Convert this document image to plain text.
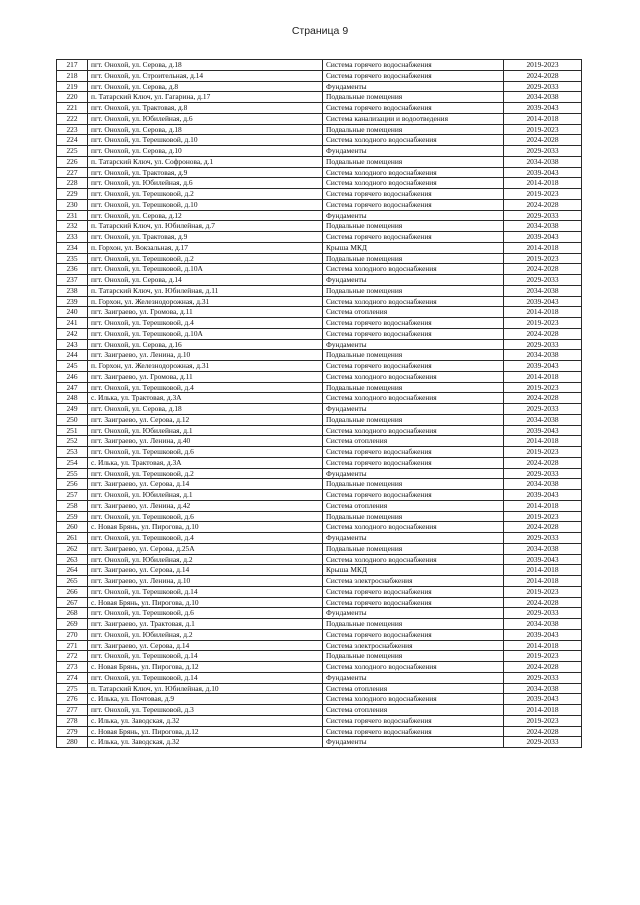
Страница 9
217	пгт. Онохой, ул. Серова, д.18	Система горячего водоснабжения	2019-2023
218	пгт. Онохой, ул. Строительная, д.14	Система горячего водоснабжения	2024-2028
219	пгт. Онохой, ул. Серова, д.8	Фундаменты	2029-2033
220	п. Татарский Ключ, ул. Гагарина, д.17	Подвальные помещения	2034-2038
221	пгт. Онохой, ул. Трактовая, д.8	Система горячего водоснабжения	2039-2043
222	пгт. Онохой, ул. Юбилейная, д.6	Система канализации и водоотведения	2014-2018
223	пгт. Онохой, ул. Серова, д.18	Подвальные помещения	2019-2023
224	пгт. Онохой, ул. Терешковой, д.10	Система холодного водоснабжения	2024-2028
225	пгт. Онохой, ул. Серова, д.10	Фундаменты	2029-2033
226	п. Татарский Ключ, ул. Софронова, д.1	Подвальные помещения	2034-2038
227	пгт. Онохой, ул. Трактовая, д.9	Система холодного водоснабжения	2039-2043
228	пгт. Онохой, ул. Юбилейная, д.6	Система холодного водоснабжения	2014-2018
229	пгт. Онохой, ул. Терешковой, д.2	Система горячего водоснабжения	2019-2023
230	пгт. Онохой, ул. Терешковой, д.10	Система горячего водоснабжения	2024-2028
231	пгт. Онохой, ул. Серова, д.12	Фундаменты	2029-2033
232	п. Татарский Ключ, ул. Юбилейная, д.7	Подвальные помещения	2034-2038
233	пгт. Онохой, ул. Трактовая, д.9	Система горячего водоснабжения	2039-2043
234	п. Горхон, ул. Вокзальная, д.17	Крыша МКД	2014-2018
235	пгт. Онохой, ул. Терешковой, д.2	Подвальные помещения	2019-2023
236	пгт. Онохой, ул. Терешковой, д.10А	Система холодного водоснабжения	2024-2028
237	пгт. Онохой, ул. Серова, д.14	Фундаменты	2029-2033
238	п. Татарский Ключ, ул. Юбилейная, д.11	Подвальные помещения	2034-2038
239	п. Горхон, ул. Железнодорожная, д.31	Система холодного водоснабжения	2039-2043
240	пгт. Заиграево, ул. Громова, д.11	Система отопления	2014-2018
241	пгт. Онохой, ул. Терешковой, д.4	Система горячего водоснабжения	2019-2023
242	пгт. Онохой, ул. Терешковой, д.10А	Система горячего водоснабжения	2024-2028
243	пгт. Онохой, ул. Серова, д.16	Фундаменты	2029-2033
244	пгт. Заиграево, ул. Ленина, д.10	Подвальные помещения	2034-2038
245	п. Горхон, ул. Железнодорожная, д.31	Система горячего водоснабжения	2039-2043
246	пгт. Заиграево, ул. Громова, д.11	Система холодного водоснабжения	2014-2018
247	пгт. Онохой, ул. Терешковой, д.4	Подвальные помещения	2019-2023
248	с. Илька, ул. Трактовая, д.3А	Система холодного водоснабжения	2024-2028
249	пгт. Онохой, ул. Серова, д.18	Фундаменты	2029-2033
250	пгт. Заиграево, ул. Серова, д.12	Подвальные помещения	2034-2038
251	пгт. Онохой, ул. Юбилейная, д.1	Система холодного водоснабжения	2039-2043
252	пгт. Заиграево, ул. Ленина, д.40	Система отопления	2014-2018
253	пгт. Онохой, ул. Терешковой, д.6	Система горячего водоснабжения	2019-2023
254	с. Илька, ул. Трактовая, д.3А	Система горячего водоснабжения	2024-2028
255	пгт. Онохой, ул. Терешковой, д.2	Фундаменты	2029-2033
256	пгт. Заиграево, ул. Серова, д.14	Подвальные помещения	2034-2038
257	пгт. Онохой, ул. Юбилейная, д.1	Система горячего водоснабжения	2039-2043
258	пгт. Заиграево, ул. Ленина, д.42	Система отопления	2014-2018
259	пгт. Онохой, ул. Терешковой, д.6	Подвальные помещения	2019-2023
260	с. Новая Брянь, ул. Пирогова, д.10	Система холодного водоснабжения	2024-2028
261	пгт. Онохой, ул. Терешковой, д.4	Фундаменты	2029-2033
262	пгт. Заиграево, ул. Серова, д.25А	Подвальные помещения	2034-2038
263	пгт. Онохой, ул. Юбилейная, д.2	Система холодного водоснабжения	2039-2043
264	пгт. Заиграево, ул. Серова, д.14	Крыша МКД	2014-2018
265	пгт. Заиграево, ул. Ленина, д.10	Система электроснабжения	2014-2018
266	пгт. Онохой, ул. Терешковой, д.14	Система горячего водоснабжения	2019-2023
267	с. Новая Брянь, ул. Пирогова, д.10	Система горячего водоснабжения	2024-2028
268	пгт. Онохой, ул. Терешковой, д.6	Фундаменты	2029-2033
269	пгт. Заиграево, ул. Трактовая, д.1	Подвальные помещения	2034-2038
270	пгт. Онохой, ул. Юбилейная, д.2	Система горячего водоснабжения	2039-2043
271	пгт. Заиграево, ул. Серова, д.14	Система электроснабжения	2014-2018
272	пгт. Онохой, ул. Терешковой, д.14	Подвальные помещения	2019-2023
273	с. Новая Брянь, ул. Пирогова, д.12	Система холодного водоснабжения	2024-2028
274	пгт. Онохой, ул. Терешковой, д.14	Фундаменты	2029-2033
275	п. Татарский Ключ, ул. Юбилейная, д.10	Система отопления	2034-2038
276	с. Илька, ул. Почтовая, д.9	Система холодного водоснабжения	2039-2043
277	пгт. Онохой, ул. Терешковой, д.3	Система отопления	2014-2018
278	с. Илька, ул. Заводская, д.32	Система горячего водоснабжения	2019-2023
279	с. Новая Брянь, ул. Пирогова, д.12	Система горячего водоснабжения	2024-2028
280	с. Илька, ул. Заводская, д.32	Фундаменты	2029-2033
